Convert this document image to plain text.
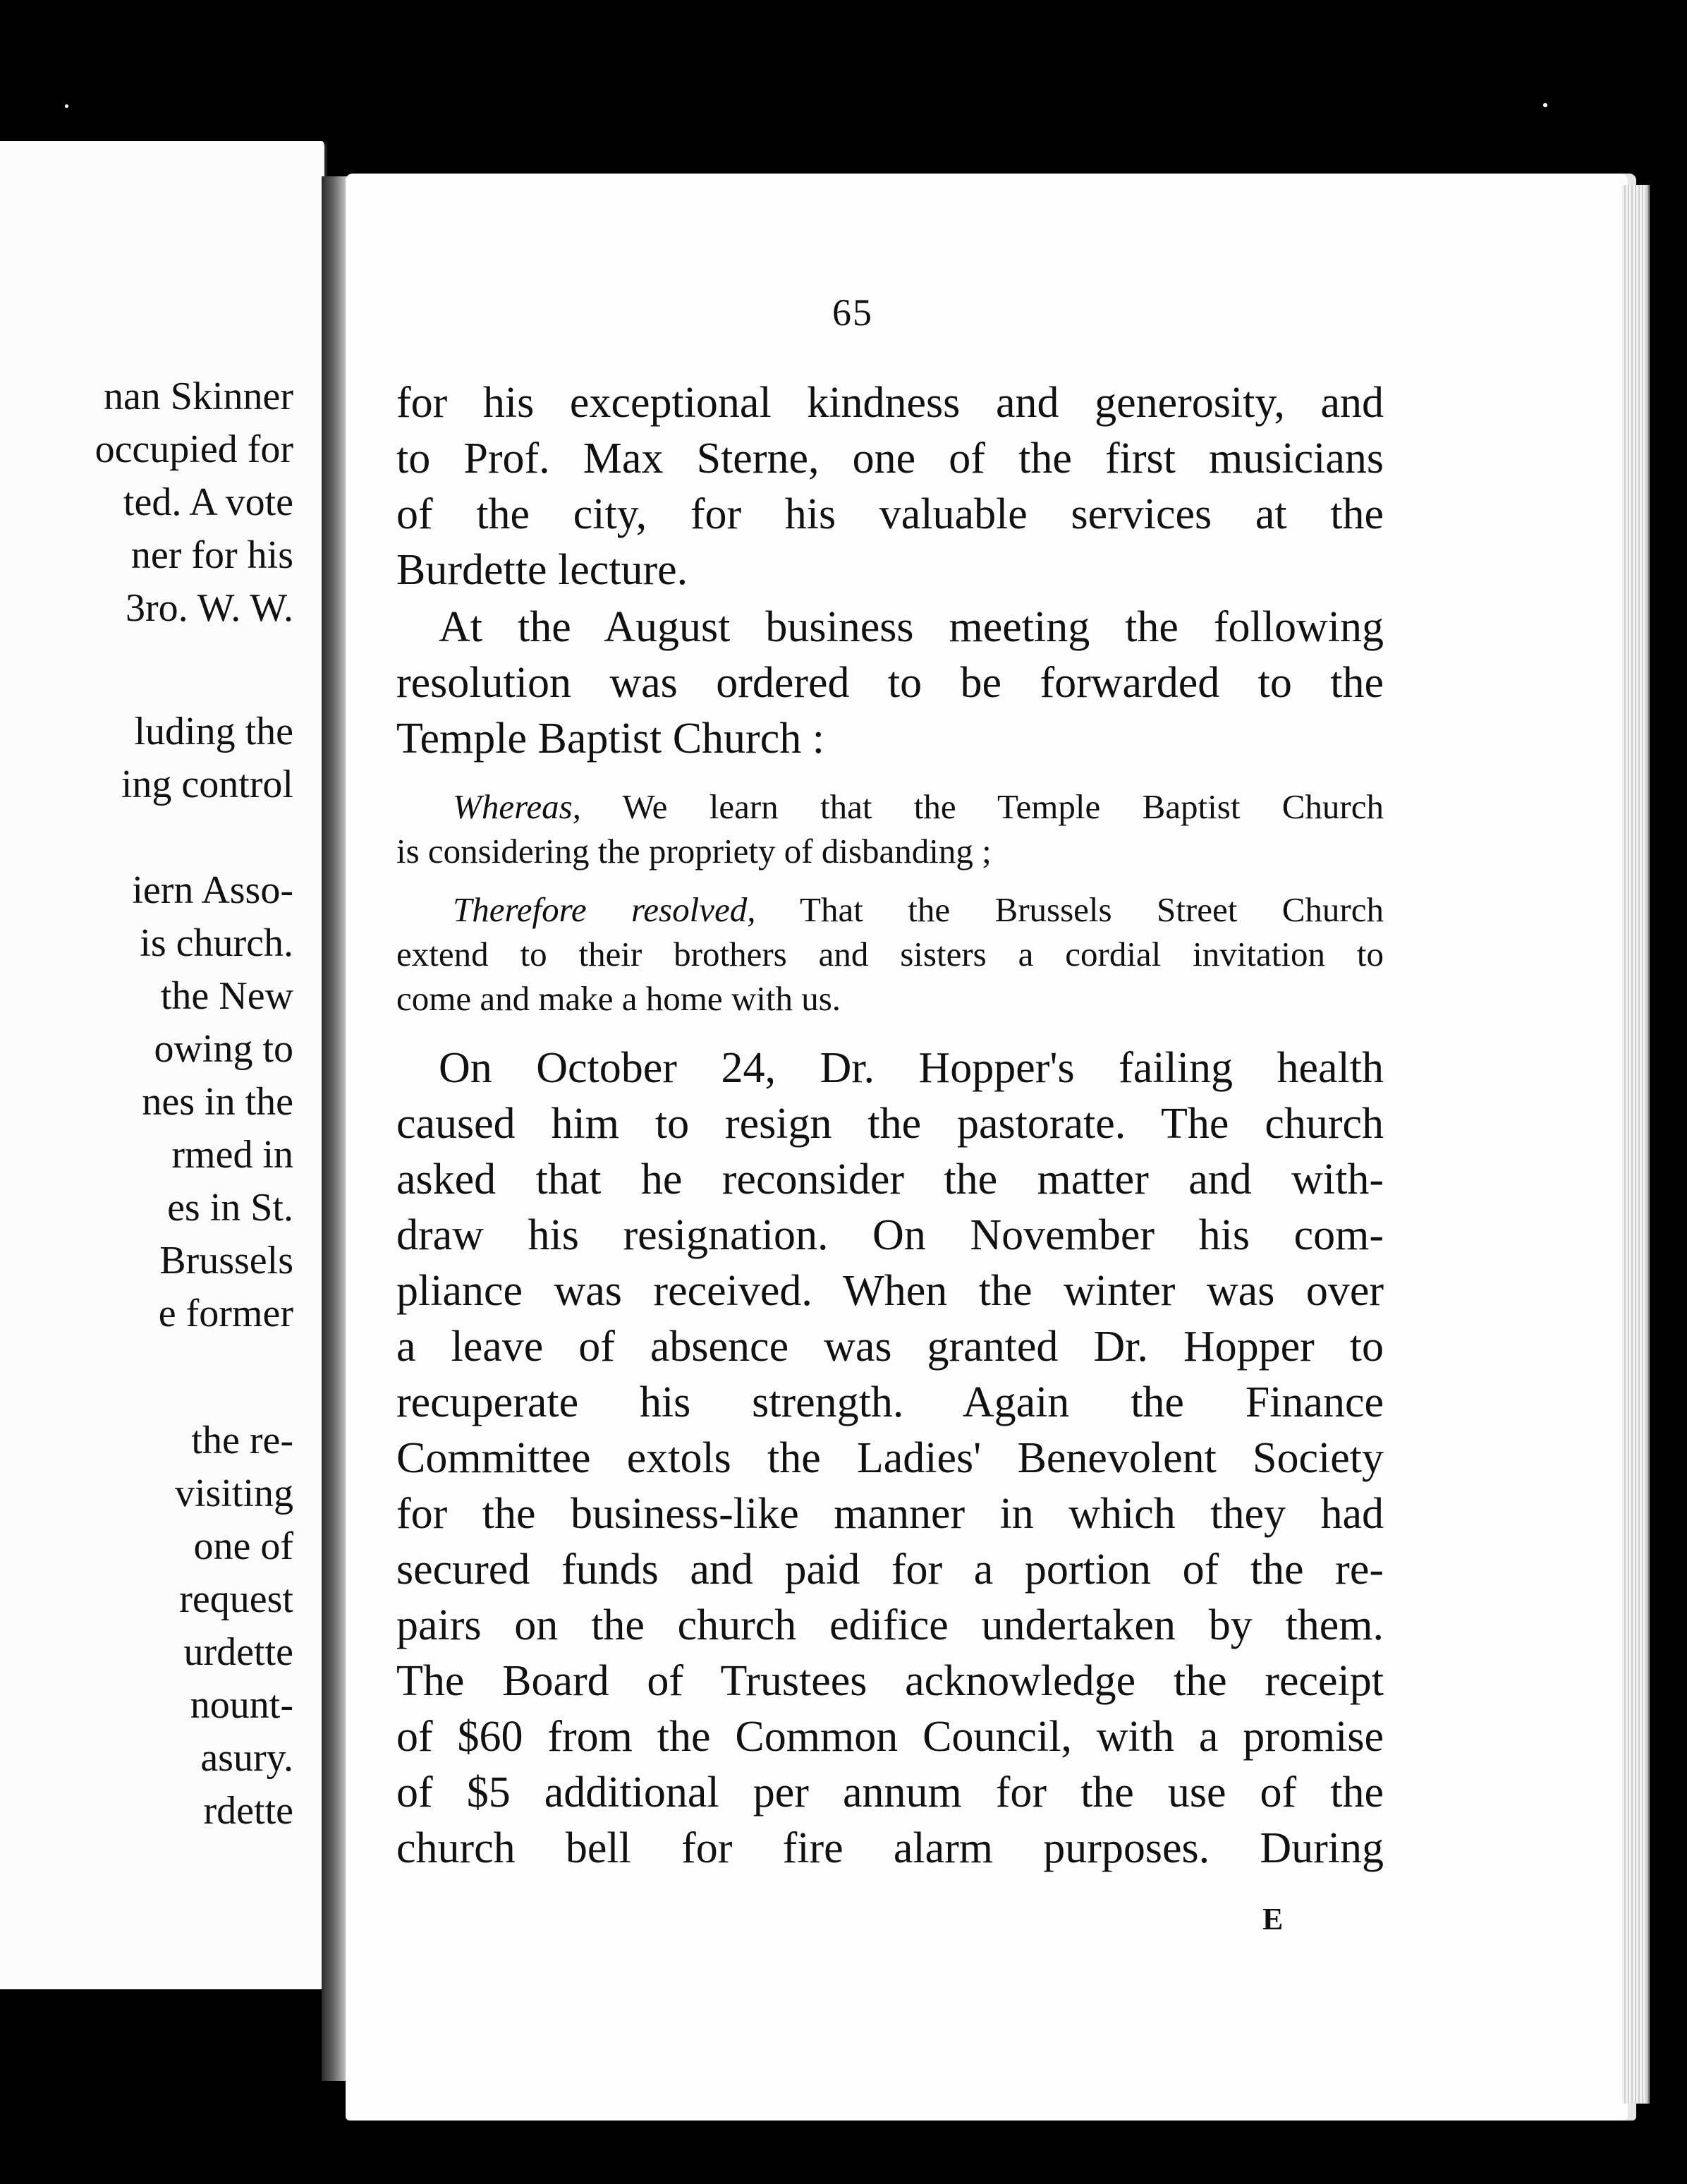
nan Skinner
occupied for
ted. A vote
ner for his
3ro. W. W.
luding the
ing control
iern Asso-
is church.
the New
owing to
nes in the
rmed in
es in St.
Brussels
e former
the re-
visiting
one of
request
urdette
nount-
asury.
rdette
65
for his exceptional kindness and generosity, and
to Prof. Max Sterne, one of the first musicians
of the city, for his valuable services at the
Burdette lecture.
At the August business meeting the following
resolution was ordered to be forwarded to the
Temple Baptist Church :
Whereas, We learn that the Temple Baptist Church
is considering the propriety of disbanding ;
Therefore resolved, That the Brussels Street Church
extend to their brothers and sisters a cordial invitation to
come and make a home with us.
On October 24, Dr. Hopper's failing health
caused him to resign the pastorate. The church
asked that he reconsider the matter and with-
draw his resignation. On November his com-
pliance was received. When the winter was over
a leave of absence was granted Dr. Hopper to
recuperate his strength. Again the Finance
Committee extols the Ladies' Benevolent Society
for the business-like manner in which they had
secured funds and paid for a portion of the re-
pairs on the church edifice undertaken by them.
The Board of Trustees acknowledge the receipt
of $60 from the Common Council, with a promise
of $5 additional per annum for the use of the
church bell for fire alarm purposes. During
E
